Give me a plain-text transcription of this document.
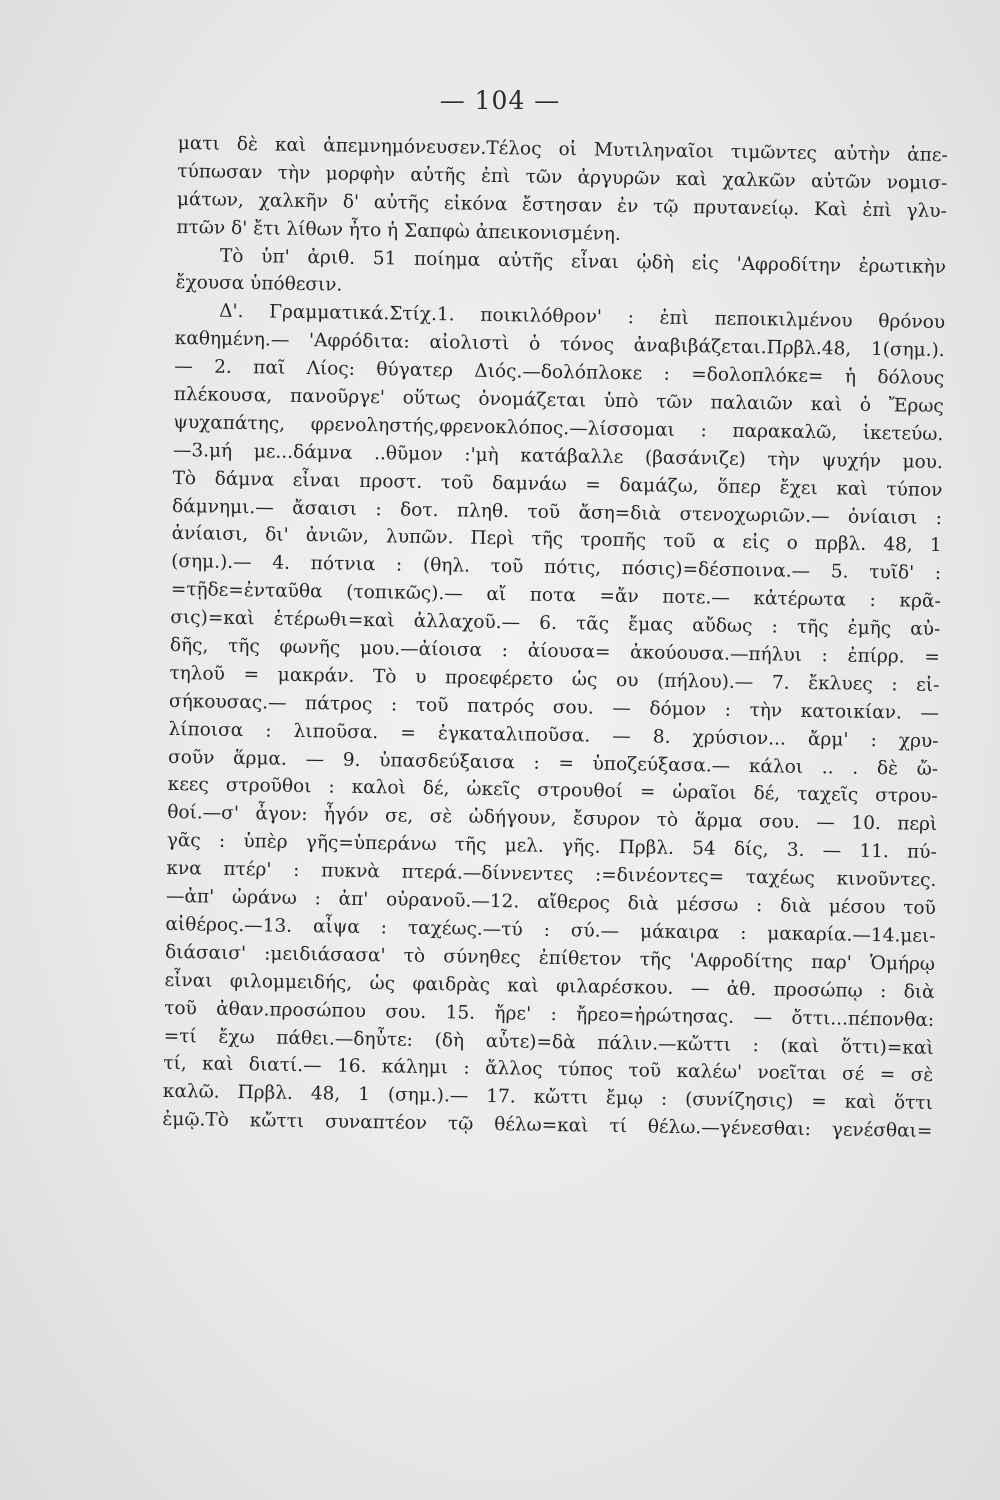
— 104 —
ματι δὲ καὶ ἀπεμνημόνευσεν.Τέλος οἱ Μυτιληναῖοι τιμῶντες αὐτὴν ἀπε-
τύπωσαν τὴν μορφὴν αὐτῆς ἐπὶ τῶν ἀργυρῶν καὶ χαλκῶν αὐτῶν νομισ-
μάτων, χαλκῆν δ' αὐτῆς εἰκόνα ἔστησαν ἐν τῷ πρυτανείῳ. Καὶ ἐπὶ γλυ-
πτῶν δ' ἔτι λίθων ἦτο ἡ Σαπφὼ ἀπεικονισμένη.
Τὸ ὑπ' ἀριθ. 51 ποίημα αὐτῆς εἶναι ᾠδὴ εἰς 'Αφροδίτην ἐρωτικὴν
ἔχουσα ὑπόθεσιν.
Δ'. Γραμματικά.Στίχ.1. ποικιλόθρον' : ἐπὶ πεποικιλμένου θρόνου
καθημένη.— 'Αφρόδιτα: αἰολιστὶ ὁ τόνος ἀναβιβάζεται.Πρβλ.48, 1(σημ.).
— 2. παῖ Λίος: θύγατερ Διός.—δολόπλοκε : =δολοπλόκε= ἡ δόλους
πλέκουσα, πανοῦργε' οὕτως ὀνομάζεται ὑπὸ τῶν παλαιῶν καὶ ὁ Ἔρως
ψυχαπάτης, φρενοληστής,φρενοκλόπος.—λίσσομαι : παρακαλῶ, ἱκετεύω.
—3.μή με...δάμνα ..θῦμον :'μὴ κατάβαλλε (βασάνιζε) τὴν ψυχήν μου.
Τὸ δάμνα εἶναι προστ. τοῦ δαμνάω = δαμάζω, ὅπερ ἔχει καὶ τύπον
δάμνημι.— ἄσαισι : δοτ. πληθ. τοῦ ἄση=διὰ στενοχωριῶν.— ὀνίαισι :
ἀνίαισι, δι' ἀνιῶν, λυπῶν. Περὶ τῆς τροπῆς τοῦ α εἰς ο πρβλ. 48, 1
(σημ.).— 4. πότνια : (θηλ. τοῦ πότις, πόσις)=δέσποινα.— 5. τυῖδ' :
=τῇδε=ἐνταῦθα (τοπικῶς).— αἴ ποτα =ἄν ποτε.— κἀτέρωτα : κρᾶ-
σις)=καὶ ἑτέρωθι=καὶ ἀλλαχοῦ.— 6. τᾶς ἔμας αὔδως : τῆς ἐμῆς αὐ-
δῆς, τῆς φωνῆς μου.—ἀίοισα : ἀίουσα= ἀκούουσα.—πήλυι : ἐπίρρ. =
τηλοῦ = μακράν. Τὸ υ προεφέρετο ὡς ου (πήλου).— 7. ἔκλυες : εἰ-
σήκουσας.— πάτρος : τοῦ πατρός σου. — δόμον : τὴν κατοικίαν. —
λίποισα : λιποῦσα. = ἐγκαταλιποῦσα. — 8. χρύσιον... ἄρμ' : χρυ-
σοῦν ἅρμα. — 9. ὐπασδεύξαισα : = ὑποζεύξασα.— κάλοι .. . δὲ ὤ-
κεες στροῦθοι : καλοὶ δέ, ὠκεῖς στρουθοί = ὡραῖοι δέ, ταχεῖς στρου-
θοί.—σ' ἆγον: ἦγόν σε, σὲ ὡδήγουν, ἔσυρον τὸ ἅρμα σου. — 10. περὶ
γᾶς : ὑπὲρ γῆς=ὑπεράνω τῆς μελ. γῆς. Πρβλ. 54 δίς, 3. — 11. πύ-
κνα πτέρ' : πυκνὰ πτερά.—δίννεντες :=δινέοντες= ταχέως κινοῦντες.
—ἀπ' ὠράνω : ἀπ' οὐρανοῦ.—12. αἴθερος διὰ μέσσω : διὰ μέσου τοῦ
αἰθέρος.—13. αἶψα : ταχέως.—τύ : σύ.— μάκαιρα : μακαρία.—14.μει-
διάσαισ' :μειδιάσασα' τὸ σύνηθες ἐπίθετον τῆς 'Αφροδίτης παρ' Ὁμήρῳ
εἶναι φιλομμειδής, ὡς φαιδρὰς καὶ φιλαρέσκου. — ἀθ. προσώπῳ : διὰ
τοῦ ἀθαν.προσώπου σου. 15. ἤρε' : ἤρεο=ἠρώτησας. — ὄττι...πέπονθα:
=τί ἔχω πάθει.—δηὖτε: (δὴ αὖτε)=δὰ πάλιν.—κὤττι : (καὶ ὅττι)=καὶ
τί, καὶ διατί.— 16. κάλημι : ἄλλος τύπος τοῦ καλέω' νοεῖται σέ = σὲ
καλῶ. Πρβλ. 48, 1 (σημ.).— 17. κὤττι ἔμῳ : (συνίζησις) = καὶ ὅττι
ἐμῷ.Τὸ κὤττι συναπτέον τῷ θέλω=καὶ τί θέλω.—γένεσθαι: γενέσθαι=
